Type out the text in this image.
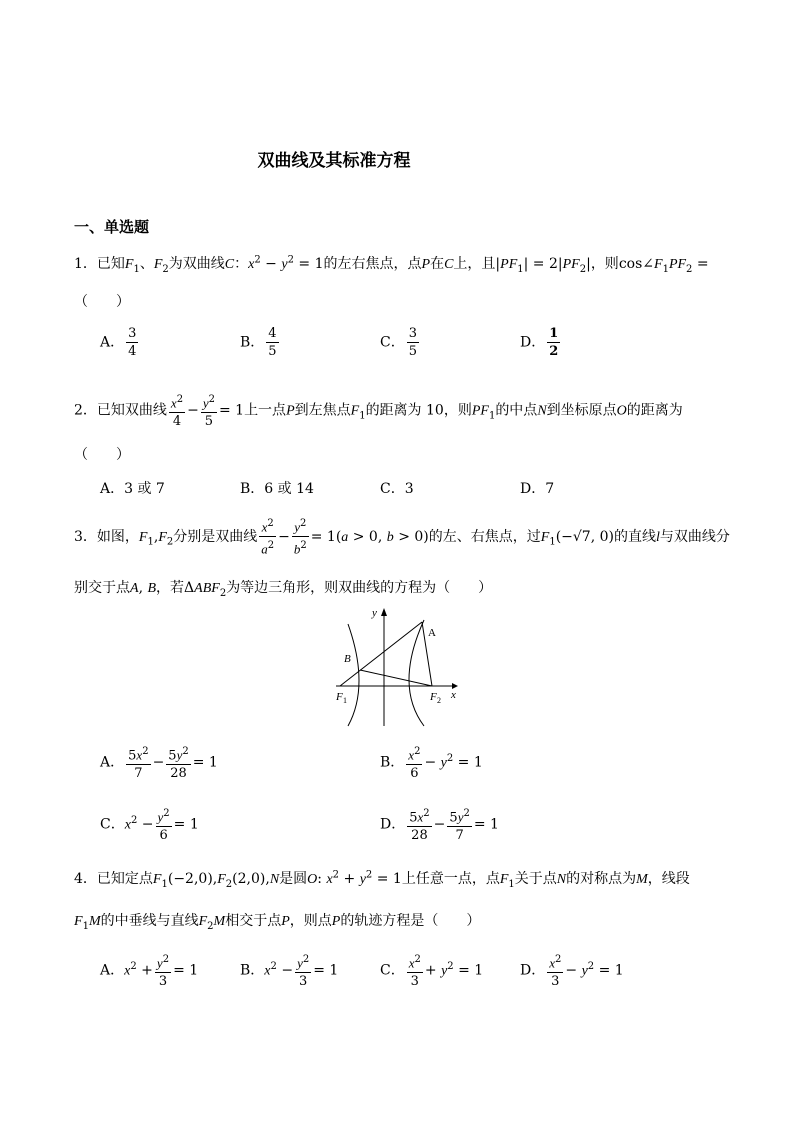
双曲线及其标准方程
一、单选题
1．已知$F_1$、$F_2$为双曲线C：$x^2 - y^2 = 1$的左右焦点，点P在C上，且$|PF_1| = 2|PF_2|$，则$\cos\angle F_1PF_2$ =
（　　）
A． $\frac{3}{4}$	B． $\frac{4}{5}$	C． $\frac{3}{5}$	D． $\frac{1}{2}$
2．已知双曲线 $\frac{x^2}{4} - \frac{y^2}{5} = 1$上一点P到左焦点$F_1$的距离为 10，则$PF_1$的中点N到坐标原点O的距离为
（　　）
A．3 或 7	B．6 或 14	C．3	D．7
3．如图，$F_1,F_2$分别是双曲线 $\frac{x^2}{a^2} - \frac{y^2}{b^2} = 1(a > 0$, b > 0)的左、右焦点，过$F_1(-√7$, 0)的直线l与双曲线分
别交于点A, B，若$\Delta ABF_2$为等边三角形，则双曲线的方程为（　　）
y
x
A
B
F 1	F 2
A． $\frac{5x^2}{7} - \frac{5y^2}{28} = 1$	B． $\frac{x^2}{6} - y^2 = 1$
C．$x^2 - \frac{y^2}{6} = 1$	D． $\frac{5x^2}{28} - \frac{5y^2}{7} = 1$
4．已知定点$F_1(-2,0),F_2(2,0),N$是圆O: $x^2 + y^2 = 1$上任意一点，点$F_1$关于点N的对称点为M，线段
$F_1M$的中垂线与直线$F_2M$相交于点P，则点P的轨迹方程是（　　）
A．$x^2 + \frac{y^2}{3} = 1$	B．$x^2 - \frac{y^2}{3} = 1$	C． $\frac{x^2}{3} + y^2 = 1$	D． $\frac{x^2}{3} - y^2 = 1$
